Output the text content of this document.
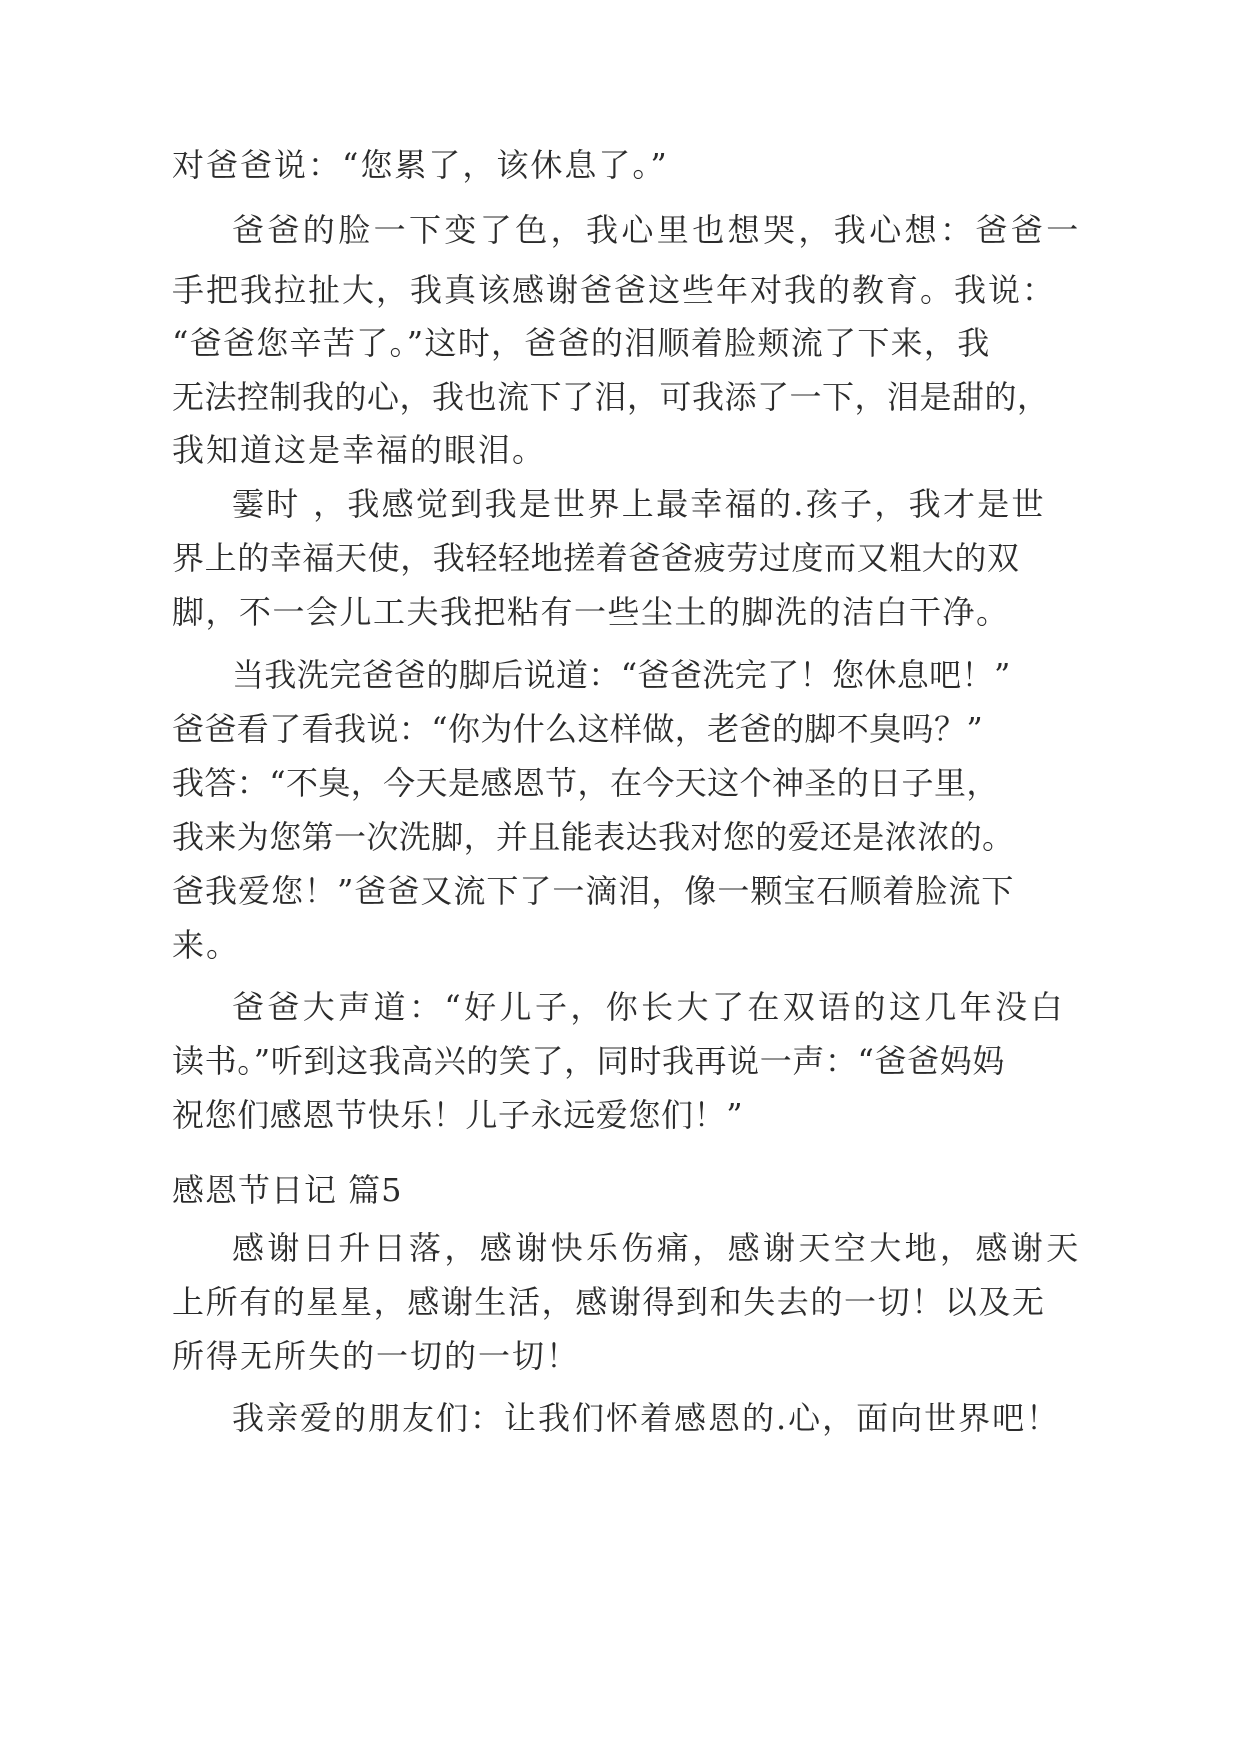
对爸爸说：“您累了，该休息了。”
爸爸的脸一下变了色，我心里也想哭，我心想：爸爸一
手把我拉扯大，我真该感谢爸爸这些年对我的教育。我说：
“爸爸您辛苦了。”这时，爸爸的泪顺着脸颊流了下来，我
无法控制我的心，我也流下了泪，可我添了一下，泪是甜的，
我知道这是幸福的眼泪。
霎时 ，我感觉到我是世界上最幸福的.孩子，我才是世
界上的幸福天使，我轻轻地搓着爸爸疲劳过度而又粗大的双
脚，不一会儿工夫我把粘有一些尘土的脚洗的洁白干净。
当我洗完爸爸的脚后说道：“爸爸洗完了！您休息吧！”
爸爸看了看我说：“你为什么这样做，老爸的脚不臭吗？”
我答：“不臭，今天是感恩节，在今天这个神圣的日子里，
我来为您第一次洗脚，并且能表达我对您的爱还是浓浓的。
爸我爱您！”爸爸又流下了一滴泪，像一颗宝石顺着脸流下
来。
爸爸大声道：“好儿子，你长大了在双语的这几年没白
读书。”听到这我高兴的笑了，同时我再说一声：“爸爸妈妈
祝您们感恩节快乐！儿子永远爱您们！”
感恩节日记 篇5
感谢日升日落，感谢快乐伤痛，感谢天空大地，感谢天
上所有的星星，感谢生活，感谢得到和失去的一切！以及无
所得无所失的一切的一切！
我亲爱的朋友们：让我们怀着感恩的.心，面向世界吧！
